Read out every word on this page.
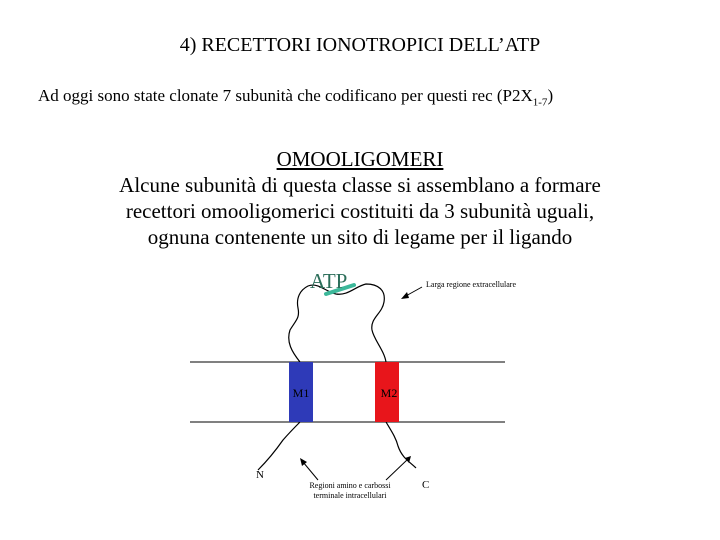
4) RECETTORI IONOTROPICI DELL’ATP
Ad oggi sono state clonate 7 subunità che codificano per questi rec $(P2X_{1-7})$
OMOOLIGOMERI
Alcune subunità di questa classe si assemblano a formare
recettori omooligomerici costituiti da 3 subunità uguali,
ognuna contenente un sito di legame per il ligando
M1	M2
ATP	Larga regione extracellulare
N
C
Regioni amino e carbossi
terminale intracellulari
